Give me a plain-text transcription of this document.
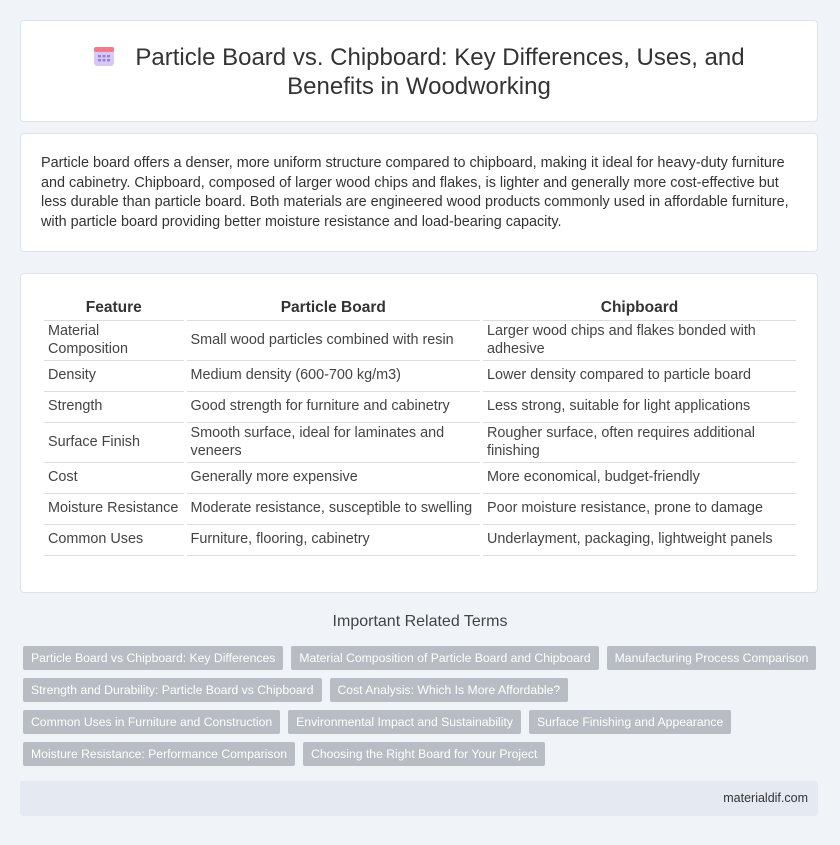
Particle Board vs. Chipboard: Key Differences, Uses, and Benefits in Woodworking
Particle board offers a denser, more uniform structure compared to chipboard, making it ideal for heavy-duty furniture and cabinetry. Chipboard, composed of larger wood chips and flakes, is lighter and generally more cost-effective but less durable than particle board. Both materials are engineered wood products commonly used in affordable furniture, with particle board providing better moisture resistance and load-bearing capacity.
Feature	Particle Board	Chipboard
Material Composition	Small wood particles combined with resin	Larger wood chips and flakes bonded with adhesive
Density	Medium density (600-700 kg/m3)	Lower density compared to particle board
Strength	Good strength for furniture and cabinetry	Less strong, suitable for light applications
Surface Finish	Smooth surface, ideal for laminates and veneers	Rougher surface, often requires additional finishing
Cost	Generally more expensive	More economical, budget-friendly
Moisture Resistance	Moderate resistance, susceptible to swelling	Poor moisture resistance, prone to damage
Common Uses	Furniture, flooring, cabinetry	Underlayment, packaging, lightweight panels
Important Related Terms
Particle Board vs Chipboard: Key Differences	Material Composition of Particle Board and Chipboard	Manufacturing Process Comparison
Strength and Durability: Particle Board vs Chipboard	Cost Analysis: Which Is More Affordable?
Common Uses in Furniture and Construction	Environmental Impact and Sustainability	Surface Finishing and Appearance
Moisture Resistance: Performance Comparison	Choosing the Right Board for Your Project
materialdif.com
